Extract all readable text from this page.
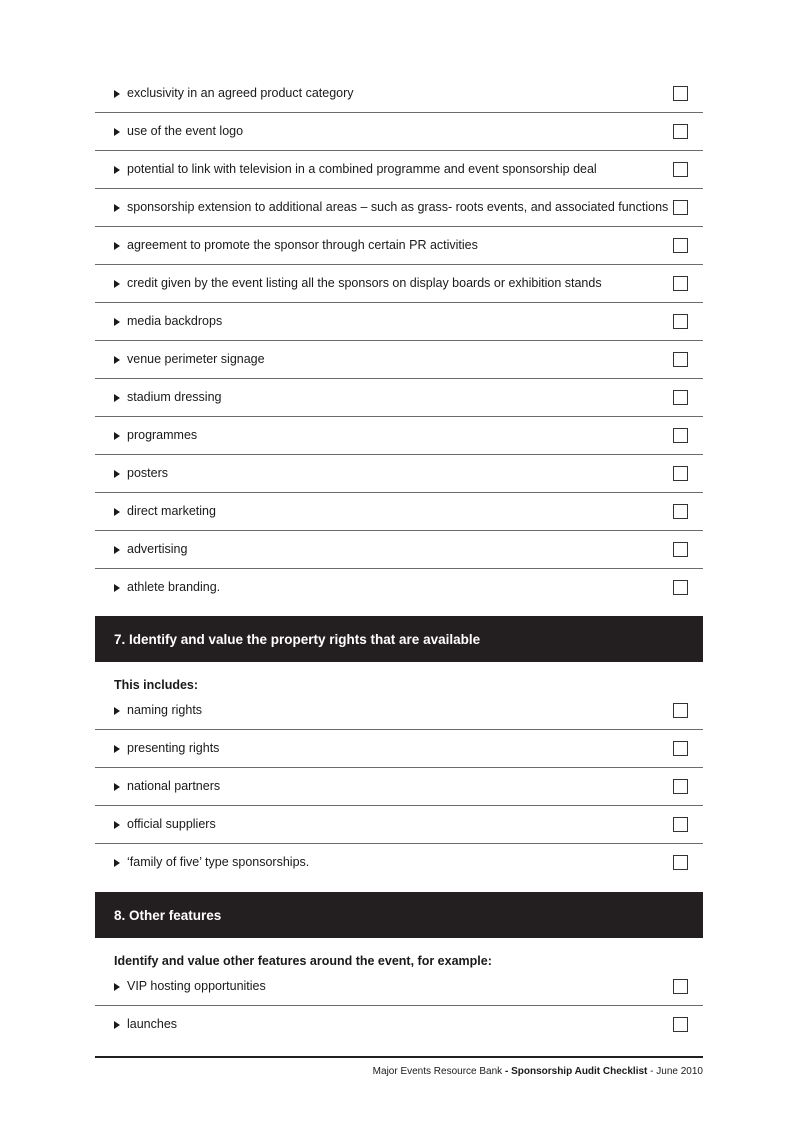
exclusivity in an agreed product category
use of the event logo
potential to link with television in a combined programme and event sponsorship deal
sponsorship extension to additional areas – such as grass- roots events, and associated functions
agreement to promote the sponsor through certain PR activities
credit given by the event listing all the sponsors on display boards or exhibition stands
media backdrops
venue perimeter signage
stadium dressing
programmes
posters
direct marketing
advertising
athlete branding.
7. Identify and value the property rights that are available
This includes:
naming rights
presenting rights
national partners
official suppliers
‘family of five’ type sponsorships.
8. Other features
Identify and value other features around the event, for example:
VIP hosting opportunities
launches
Major Events Resource Bank - Sponsorship Audit Checklist - June 2010
